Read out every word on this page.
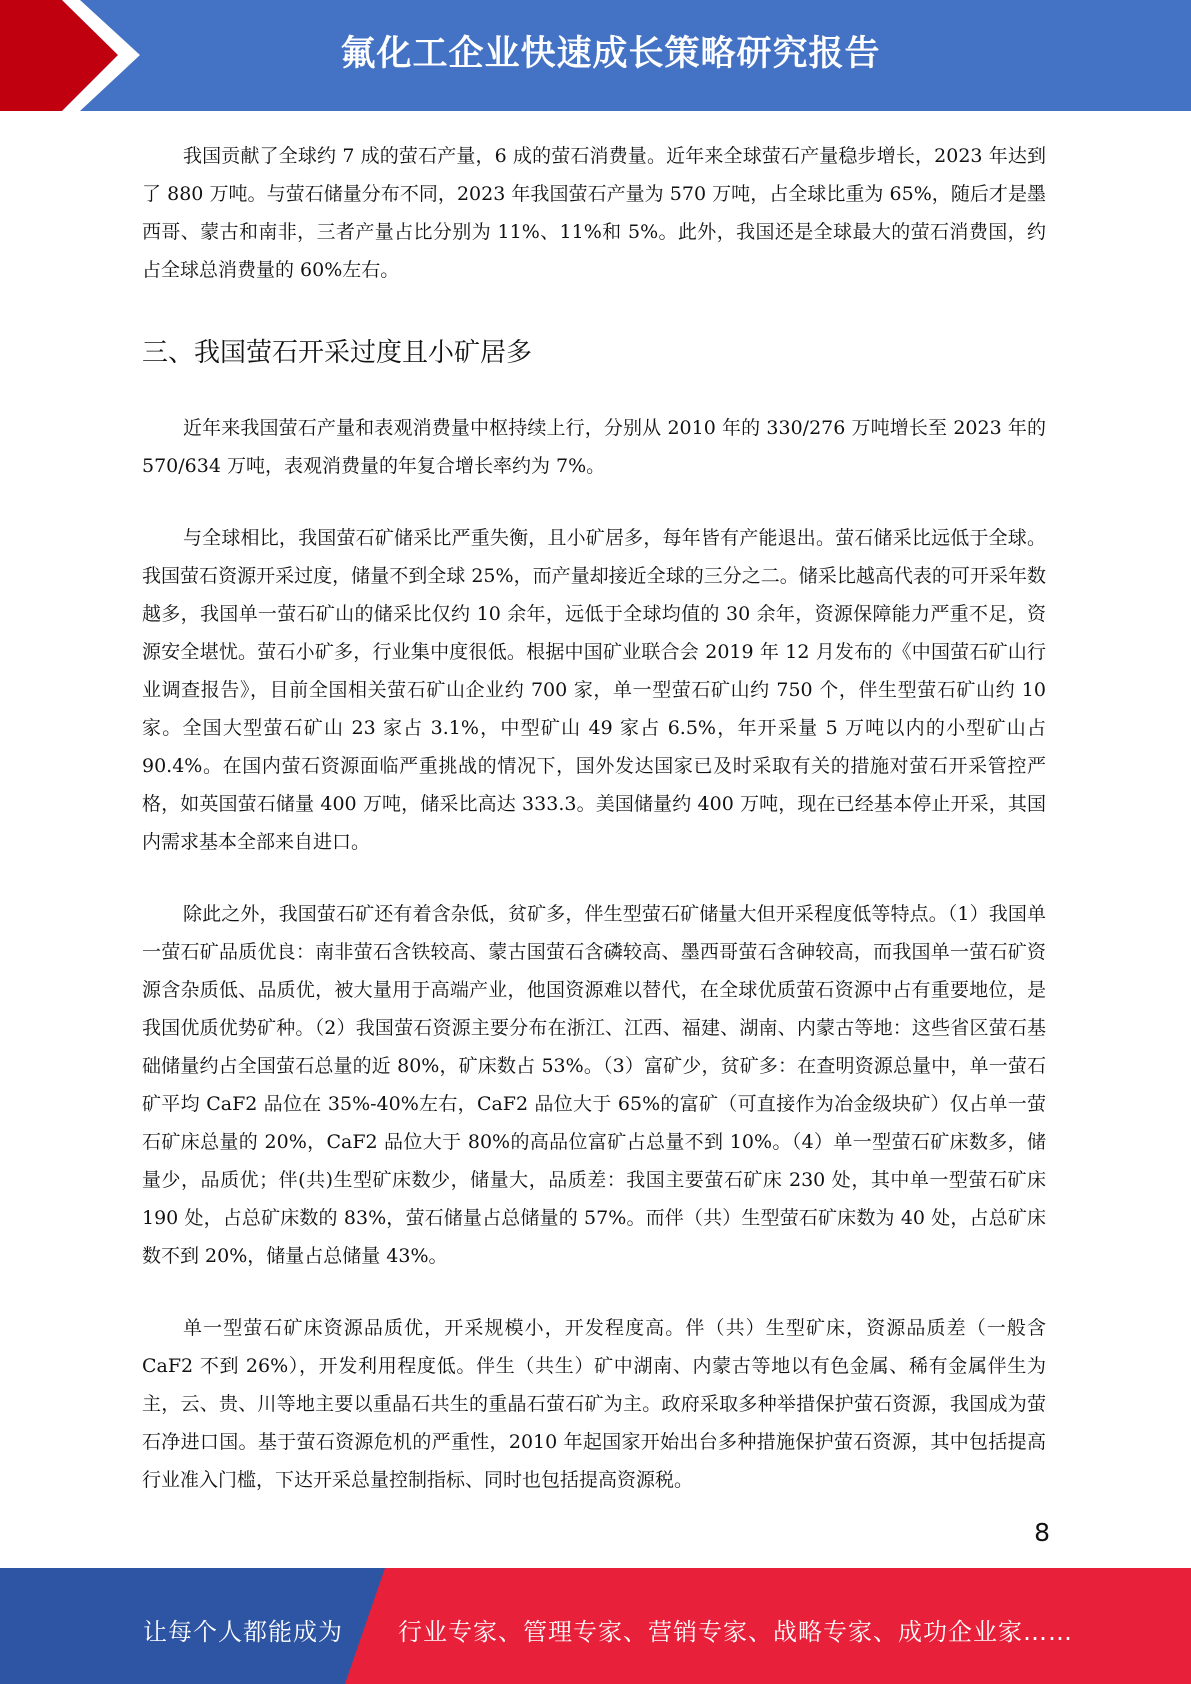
氟化工企业快速成长策略研究报告

我国贡献了全球约 7 成的萤石产量，6 成的萤石消费量。近年来全球萤石产量稳步增长，2023 年达到了 880 万吨。与萤石储量分布不同，2023 年我国萤石产量为 570 万吨，占全球比重为 65%，随后才是墨西哥、蒙古和南非，三者产量占比分别为 11%、11%和 5%。此外，我国还是全球最大的萤石消费国，约占全球总消费量的 60%左右。

三、我国萤石开采过度且小矿居多

近年来我国萤石产量和表观消费量中枢持续上行，分别从 2010 年的 330/276 万吨增长至 2023 年的 570/634 万吨，表观消费量的年复合增长率约为 7%。

与全球相比，我国萤石矿储采比严重失衡，且小矿居多，每年皆有产能退出。萤石储采比远低于全球。我国萤石资源开采过度，储量不到全球 25%，而产量却接近全球的三分之二。储采比越高代表的可开采年数越多，我国单一萤石矿山的储采比仅约 10 余年，远低于全球均值的 30 余年，资源保障能力严重不足，资源安全堪忧。萤石小矿多，行业集中度很低。根据中国矿业联合会 2019 年 12 月发布的《中国萤石矿山行业调查报告》，目前全国相关萤石矿山企业约 700 家，单一型萤石矿山约 750 个，伴生型萤石矿山约 10 家。全国大型萤石矿山 23 家占 3.1%，中型矿山 49 家占 6.5%，年开采量 5 万吨以内的小型矿山占 90.4%。在国内萤石资源面临严重挑战的情况下，国外发达国家已及时采取有关的措施对萤石开采管控严格，如英国萤石储量 400 万吨，储采比高达 333.3。美国储量约 400 万吨，现在已经基本停止开采，其国内需求基本全部来自进口。

除此之外，我国萤石矿还有着含杂低，贫矿多，伴生型萤石矿储量大但开采程度低等特点。（1）我国单一萤石矿品质优良：南非萤石含铁较高、蒙古国萤石含磷较高、墨西哥萤石含砷较高，而我国单一萤石矿资源含杂质低、品质优，被大量用于高端产业，他国资源难以替代，在全球优质萤石资源中占有重要地位，是我国优质优势矿种。（2）我国萤石资源主要分布在浙江、江西、福建、湖南、内蒙古等地：这些省区萤石基础储量约占全国萤石总量的近 80%，矿床数占 53%。（3）富矿少，贫矿多：在查明资源总量中，单一萤石矿平均 CaF2 品位在 35%-40%左右，CaF2 品位大于 65%的富矿（可直接作为冶金级块矿）仅占单一萤石矿床总量的 20%，CaF2 品位大于 80%的高品位富矿占总量不到 10%。（4）单一型萤石矿床数多，储量少，品质优；伴(共)生型矿床数少，储量大，品质差：我国主要萤石矿床 230 处，其中单一型萤石矿床 190 处，占总矿床数的 83%，萤石储量占总储量的 57%。而伴（共）生型萤石矿床数为 40 处，占总矿床数不到 20%，储量占总储量 43%。

单一型萤石矿床资源品质优，开采规模小，开发程度高。伴（共）生型矿床，资源品质差（一般含 CaF2 不到 26%），开发利用程度低。伴生（共生）矿中湖南、内蒙古等地以有色金属、稀有金属伴生为主，云、贵、川等地主要以重晶石共生的重晶石萤石矿为主。政府采取多种举措保护萤石资源，我国成为萤石净进口国。基于萤石资源危机的严重性，2010 年起国家开始出台多种措施保护萤石资源，其中包括提高行业准入门槛，下达开采总量控制指标、同时也包括提高资源税。

8
让每个人都能成为 行业专家、管理专家、营销专家、战略专家、成功企业家……
